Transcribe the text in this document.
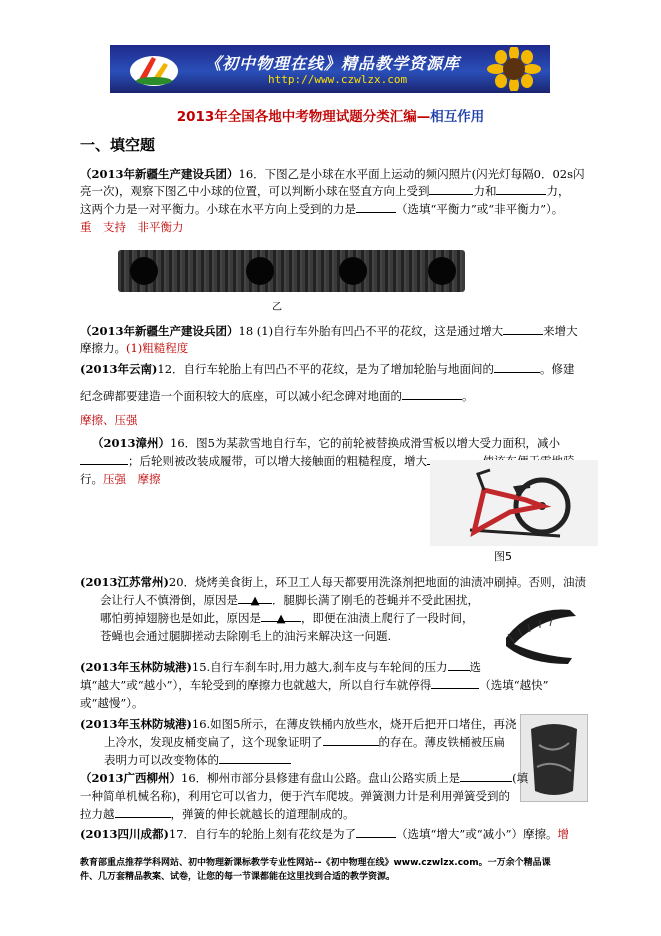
《初中物理在线》精品教学资源库
http://www.czwlzx.com
2013年全国各地中考物理试题分类汇编—相互作用
一、填空题
（2013年新疆生产建设兵团）16．下图乙是小球在水平面上运动的频闪照片(闪光灯每隔0．02s闪
亮一次)，观察下图乙中小球的位置，可以判断小球在竖直方向上受到	力和	力，
这两个力是一对平衡力。小球在水平方向上受到的力是	（选填“平衡力”或“非平衡力”）。
重　支持　非平衡力
乙
（2013年新疆生产建设兵团）18 (1)自行车外胎有凹凸不平的花纹，这是通过增大	来增大
摩擦力。(1)粗糙程度
(2013年云南)12．自行车轮胎上有凹凸不平的花纹，是为了增加轮胎与地面间的	。修建
纪念碑都要建造一个面积较大的底座，可以减小纪念碑对地面的	。
摩擦、压强
（2013漳州）16．图5为某款雪地自行车，它的前轮被替换成滑雪板以增大受力面积，减小
；后轮则被改装成履带，可以增大接触面的粗糙程度，增大
行。压强　摩擦
图5
(2013江苏常州)20．烧烤美食街上，环卫工人每天都要用洗涤剂把地面的油渍冲刷掉。否则，油渍
会让行人不慎滑倒，原因是 ▲ ．腿脚长满了刚毛的苍蝇并不受此困扰，
哪怕剪掉翅膀也是如此，原因是 ▲ ，即便在油渍上爬行了一段时间，
苍蝇也会通过腿脚搓动去除刚毛上的油污来解决这一问题.
(2013年玉林防城港)15.自行车刹车时,用力越大,刹车皮与车轮间的压力 选
填“越大”或“越小”），车轮受到的摩擦力也就越大，所以自行车就停得	（选填“越快”
或“越慢”）。
(2013年玉林防城港)16.如图5所示，在薄皮铁桶内放些水，烧开后把开口堵住，再浇
上冷水，发现皮桶变扁了，这个现象证明了	的存在。薄皮铁桶被压扁
表明力可以改变物体的
（2013广西柳州）16．柳州市部分县修建有盘山公路。盘山公路实质上是	(填
一种简单机械名称)，利用它可以省力，便于汽车爬坡。弹簧测力计是利用弹簧受到的
拉力越	，弹簧的伸长就越长的道理制成的。
(2013四川成都)17．自行车的轮胎上刻有花纹是为了	（选填“增大”或“减小”）摩擦。增
教育部重点推荐学科网站、初中物理新课标教学专业性网站--《初中物理在线》www.czwlzx.com。一万余个精品课
件、几万套精品教案、试卷，让您的每一节课都能在这里找到合适的教学资源。
